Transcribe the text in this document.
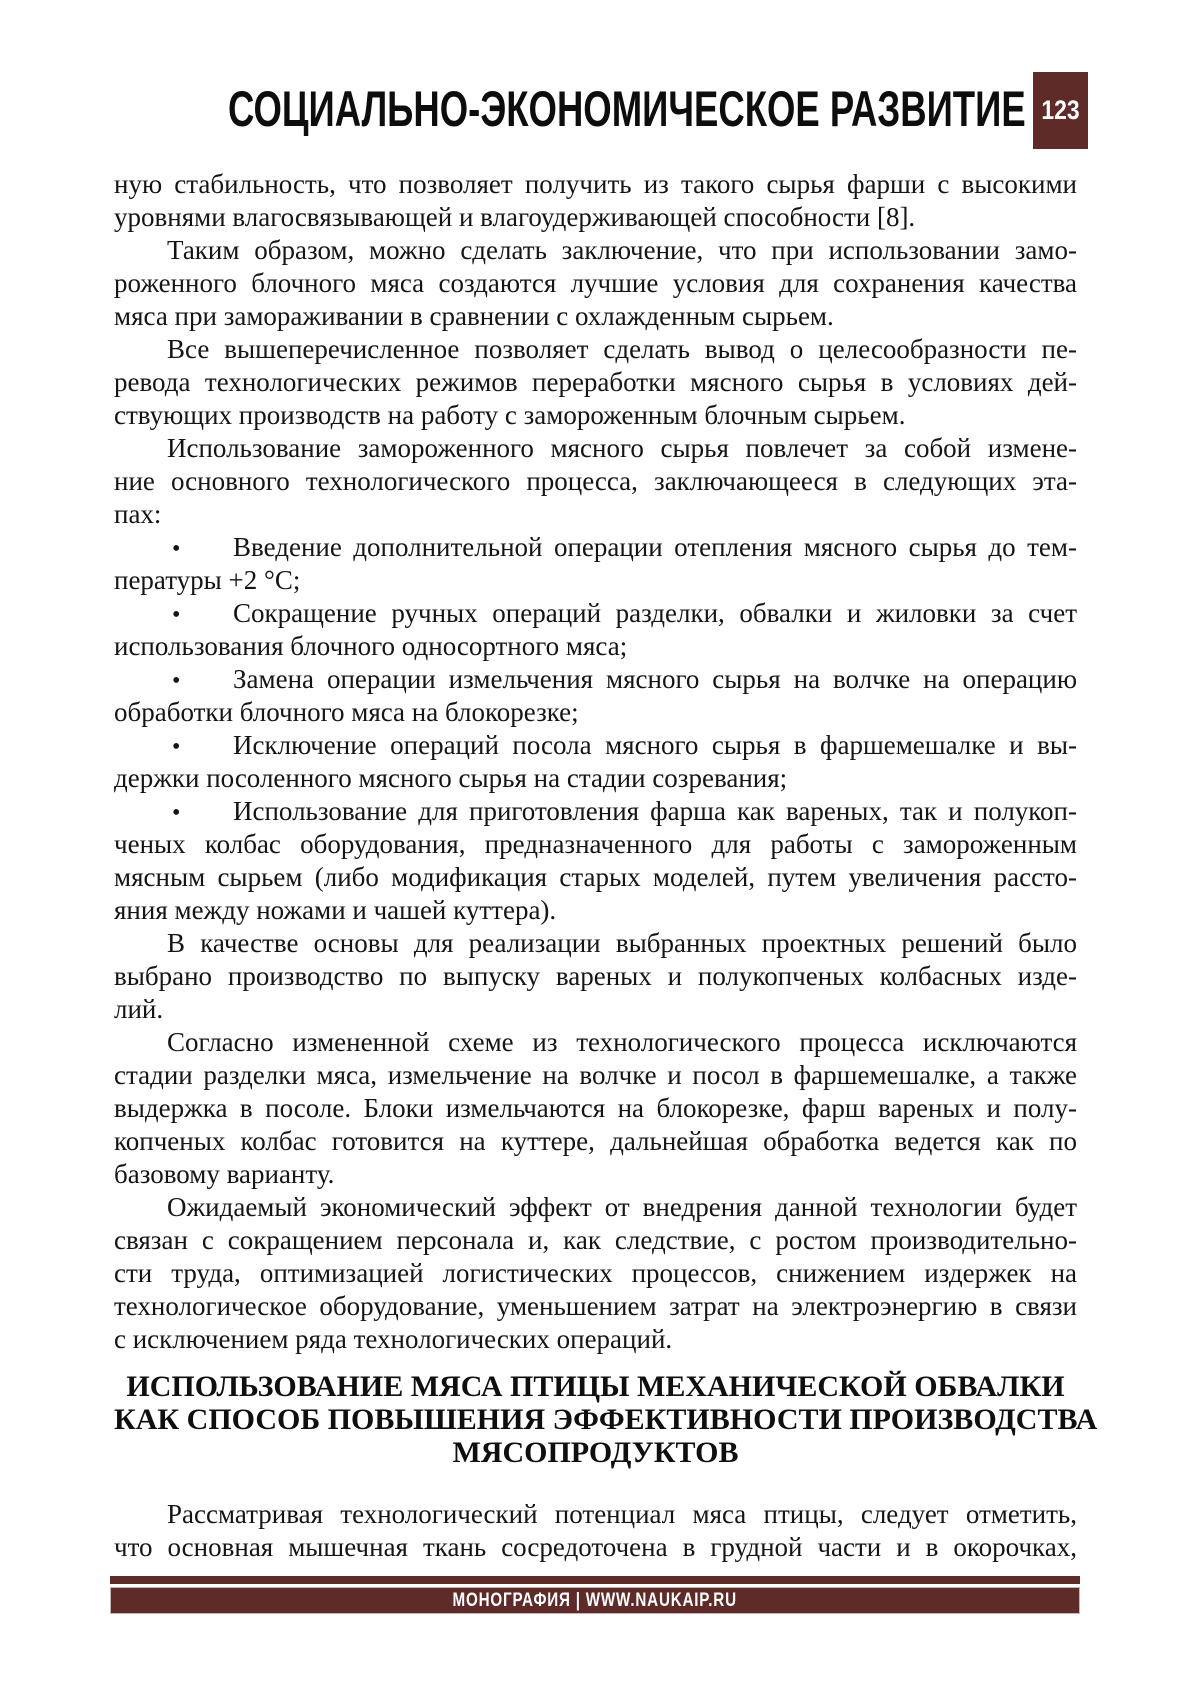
СОЦИАЛЬНО-ЭКОНОМИЧЕСКОЕ РАЗВИТИЕ 123
ную стабильность, что позволяет получить из такого сырья фарши с высокими
уровнями влагосвязывающей и влагоудерживающей способности [8].
Таким образом, можно сделать заключение, что при использовании замо-
роженного блочного мяса создаются лучшие условия для сохранения качества
мяса при замораживании в сравнении с охлажденным сырьем.
Все вышеперечисленное позволяет сделать вывод о целесообразности пе-
ревода технологических режимов переработки мясного сырья в условиях дей-
ствующих производств на работу с замороженным блочным сырьем.
Использование замороженного мясного сырья повлечет за собой измене-
ние основного технологического процесса, заключающееся в следующих эта-
пах:
• Введение дополнительной операции отепления мясного сырья до тем-
пературы +2 °С;
• Сокращение ручных операций разделки, обвалки и жиловки за счет
использования блочного односортного мяса;
• Замена операции измельчения мясного сырья на волчке на операцию
обработки блочного мяса на блокорезке;
• Исключение операций посола мясного сырья в фаршемешалке и вы-
держки посоленного мясного сырья на стадии созревания;
• Использование для приготовления фарша как вареных, так и полукоп-
ченых колбас оборудования, предназначенного для работы с замороженным
мясным сырьем (либо модификация старых моделей, путем увеличения рассто-
яния между ножами и чашей куттера).
В качестве основы для реализации выбранных проектных решений было
выбрано производство по выпуску вареных и полукопченых колбасных изде-
лий.
Согласно измененной схеме из технологического процесса исключаются
стадии разделки мяса, измельчение на волчке и посол в фаршемешалке, а также
выдержка в посоле. Блоки измельчаются на блокорезке, фарш вареных и полу-
копченых колбас готовится на куттере, дальнейшая обработка ведется как по
базовому варианту.
Ожидаемый экономический эффект от внедрения данной технологии будет
связан с сокращением персонала и, как следствие, с ростом производительно-
сти труда, оптимизацией логистических процессов, снижением издержек на
технологическое оборудование, уменьшением затрат на электроэнергию в связи
с исключением ряда технологических операций.
ИСПОЛЬЗОВАНИЕ МЯСА ПТИЦЫ МЕХАНИЧЕСКОЙ ОБВАЛКИ
КАК СПОСОБ ПОВЫШЕНИЯ ЭФФЕКТИВНОСТИ ПРОИЗВОДСТВА
МЯСОПРОДУКТОВ
Рассматривая технологический потенциал мяса птицы, следует отметить,
что основная мышечная ткань сосредоточена в грудной части и в окорочках,
МОНОГРАФИЯ | WWW.NAUKAIP.RU
